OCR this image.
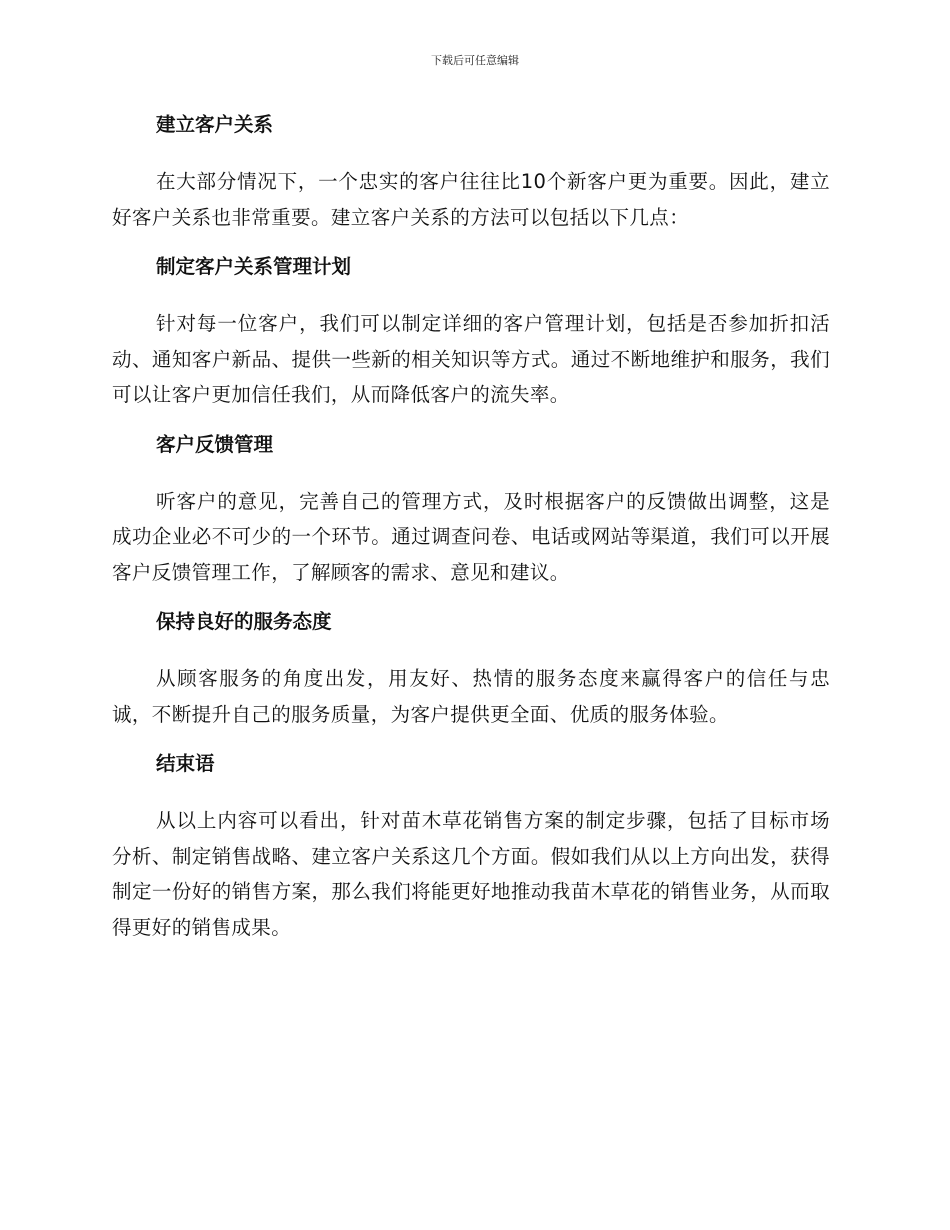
下载后可任意编辑
建立客户关系

在大部分情况下，一个忠实的客户往往比10个新客户更为重要。因此，建立好客户关系也非常重要。建立客户关系的方法可以包括以下几点：

制定客户关系管理计划

针对每一位客户，我们可以制定详细的客户管理计划，包括是否参加折扣活动、通知客户新品、提供一些新的相关知识等方式。通过不断地维护和服务，我们可以让客户更加信任我们，从而降低客户的流失率。

客户反馈管理

听客户的意见，完善自己的管理方式，及时根据客户的反馈做出调整，这是成功企业必不可少的一个环节。通过调查问卷、电话或网站等渠道，我们可以开展客户反馈管理工作，了解顾客的需求、意见和建议。

保持良好的服务态度

从顾客服务的角度出发，用友好、热情的服务态度来赢得客户的信任与忠诚，不断提升自己的服务质量，为客户提供更全面、优质的服务体验。

结束语

从以上内容可以看出，针对苗木草花销售方案的制定步骤，包括了目标市场分析、制定销售战略、建立客户关系这几个方面。假如我们从以上方向出发，获得制定一份好的销售方案，那么我们将能更好地推动我苗木草花的销售业务，从而取得更好的销售成果。
